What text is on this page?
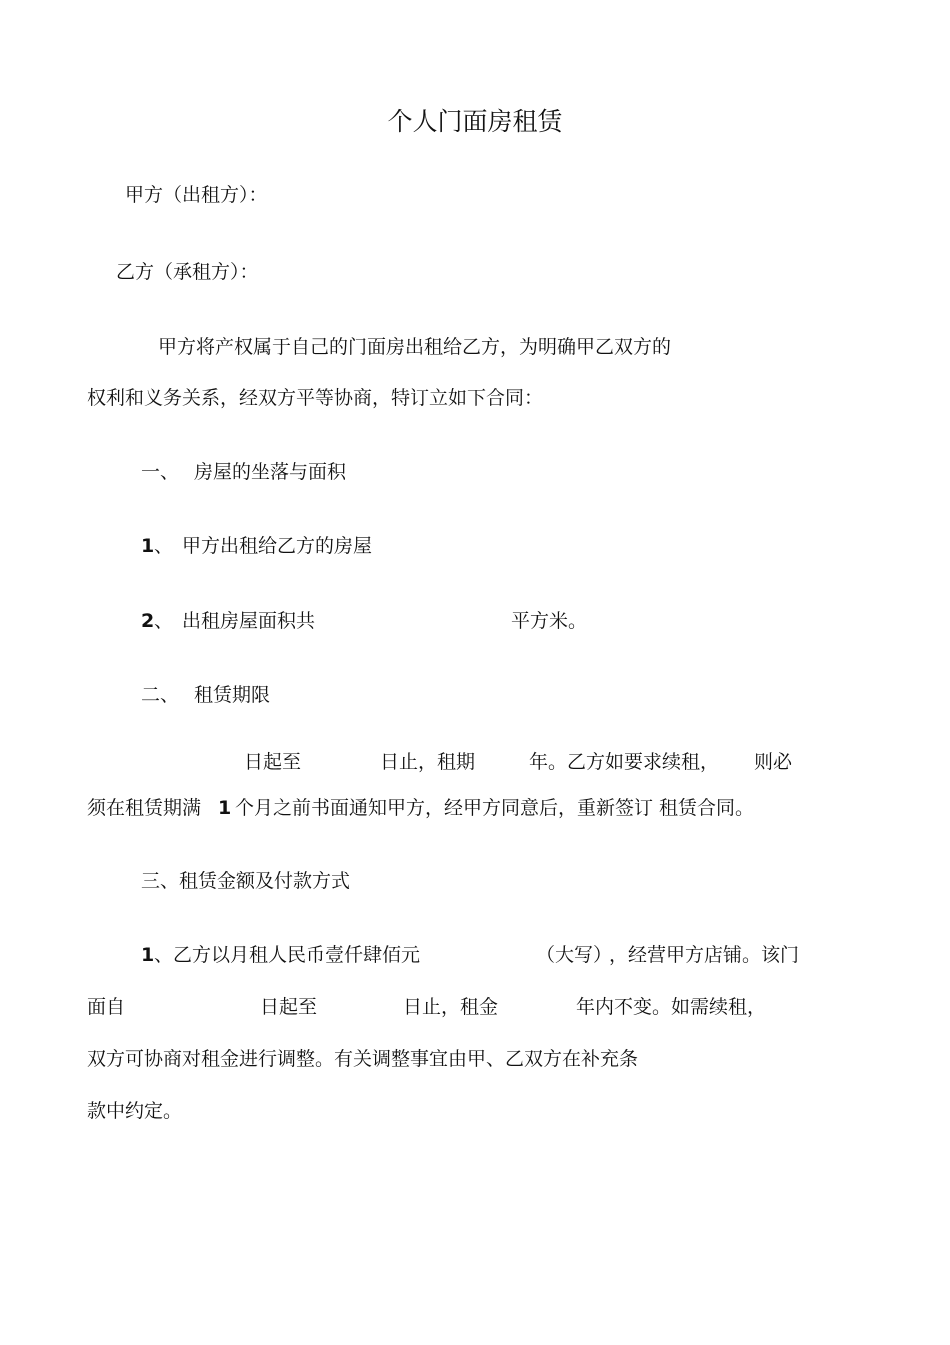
个人门面房租赁
甲方（出租方）：
乙方（承租方）：
甲方将产权属于自己的门面房出租给乙方，为明确甲乙双方的
权利和义务关系，经双方平等协商，特订立如下合同：
一、 房屋的坐落与面积
1 、 甲方出租给乙方的房屋
2 、 出租房屋面积共	平方米。
二、 租赁期限
日起至	日止，租期	年。乙方如要求续租， 则必
须在租赁期满 1 个月之前书面通知甲方，经甲方同意后，重新签订 租赁合同。
三、租赁金额及付款方式
1 、乙方以月租人民币壹仟肆佰元	（大写）
，经营甲方店铺。该门
面自	日起至	日止，租金	年内不变。如需续租，
双方可协商对租金进行调整。有关调整事宜由甲、乙双方在补充条
款中约定。
